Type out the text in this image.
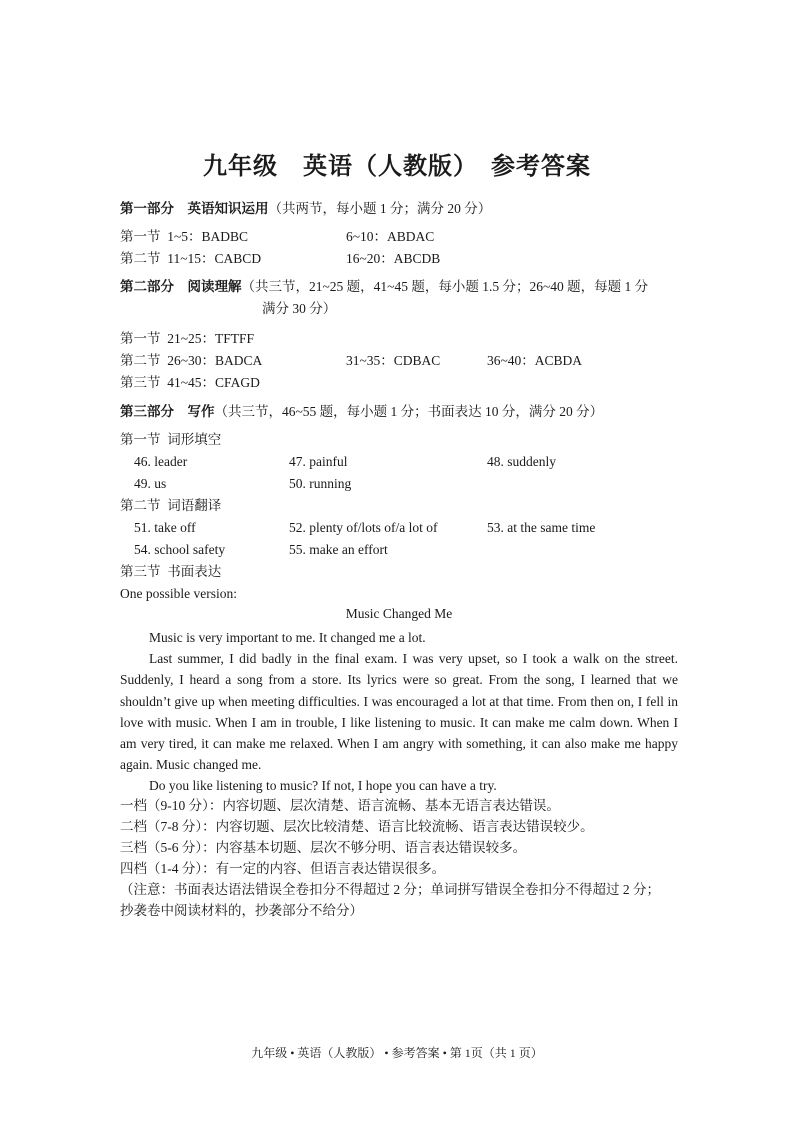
九年级　英语（人教版）　参考答案
第一部分　英语知识运用（共两节，每小题 1 分；满分 20 分）
第一节  1~5：BADBC	6~10：ABDAC
第二节  11~15：CABCD	16~20：ABCDB
第二部分　阅读理解（共三节，21~25 题，41~45 题，每小题 1.5 分；26~40 题，每题 1 分
满分 30 分）
第一节  21~25：TFTFF
第二节  26~30：BADCA	31~35：CDBAC	36~40：ACBDA
第三节  41~45：CFAGD
第三部分　写作（共三节，46~55 题，每小题 1 分；书面表达 10 分，满分 20 分）
第一节  词形填空
46. leader	47. painful	48. suddenly
49. us	50. running
第二节  词语翻译
51. take off	52. plenty of/lots of/a lot of	53. at the same time
54. school safety	55. make an effort
第三节  书面表达
One possible version:
Music Changed Me

Music is very important to me. It changed me a lot.

Last summer, I did badly in the final exam. I was very upset, so I took a walk on the street. Suddenly, I heard a song from a store. Its lyrics were so great. From the song, I learned that we shouldn’t give up when meeting difficulties. I was encouraged a lot at that time. From then on, I fell in love with music. When I am in trouble, I like listening to music. It can make me calm down. When I am very tired, it can make me relaxed. When I am angry with something, it can also make me happy again. Music changed me.

Do you like listening to music? If not, I hope you can have a try.

一档（9-10 分）：内容切题、层次清楚、语言流畅、基本无语言表达错误。
二档（7-8 分）：内容切题、层次比较清楚、语言比较流畅、语言表达错误较少。
三档（5-6 分）：内容基本切题、层次不够分明、语言表达错误较多。
四档（1-4 分）：有一定的内容、但语言表达错误很多。
（注意：书面表达语法错误全卷扣分不得超过 2 分；单词拼写错误全卷扣分不得超过 2 分；
抄袭卷中阅读材料的，抄袭部分不给分）
九年级 • 英语（人教版） • 参考答案 • 第 1页（共 1 页）
